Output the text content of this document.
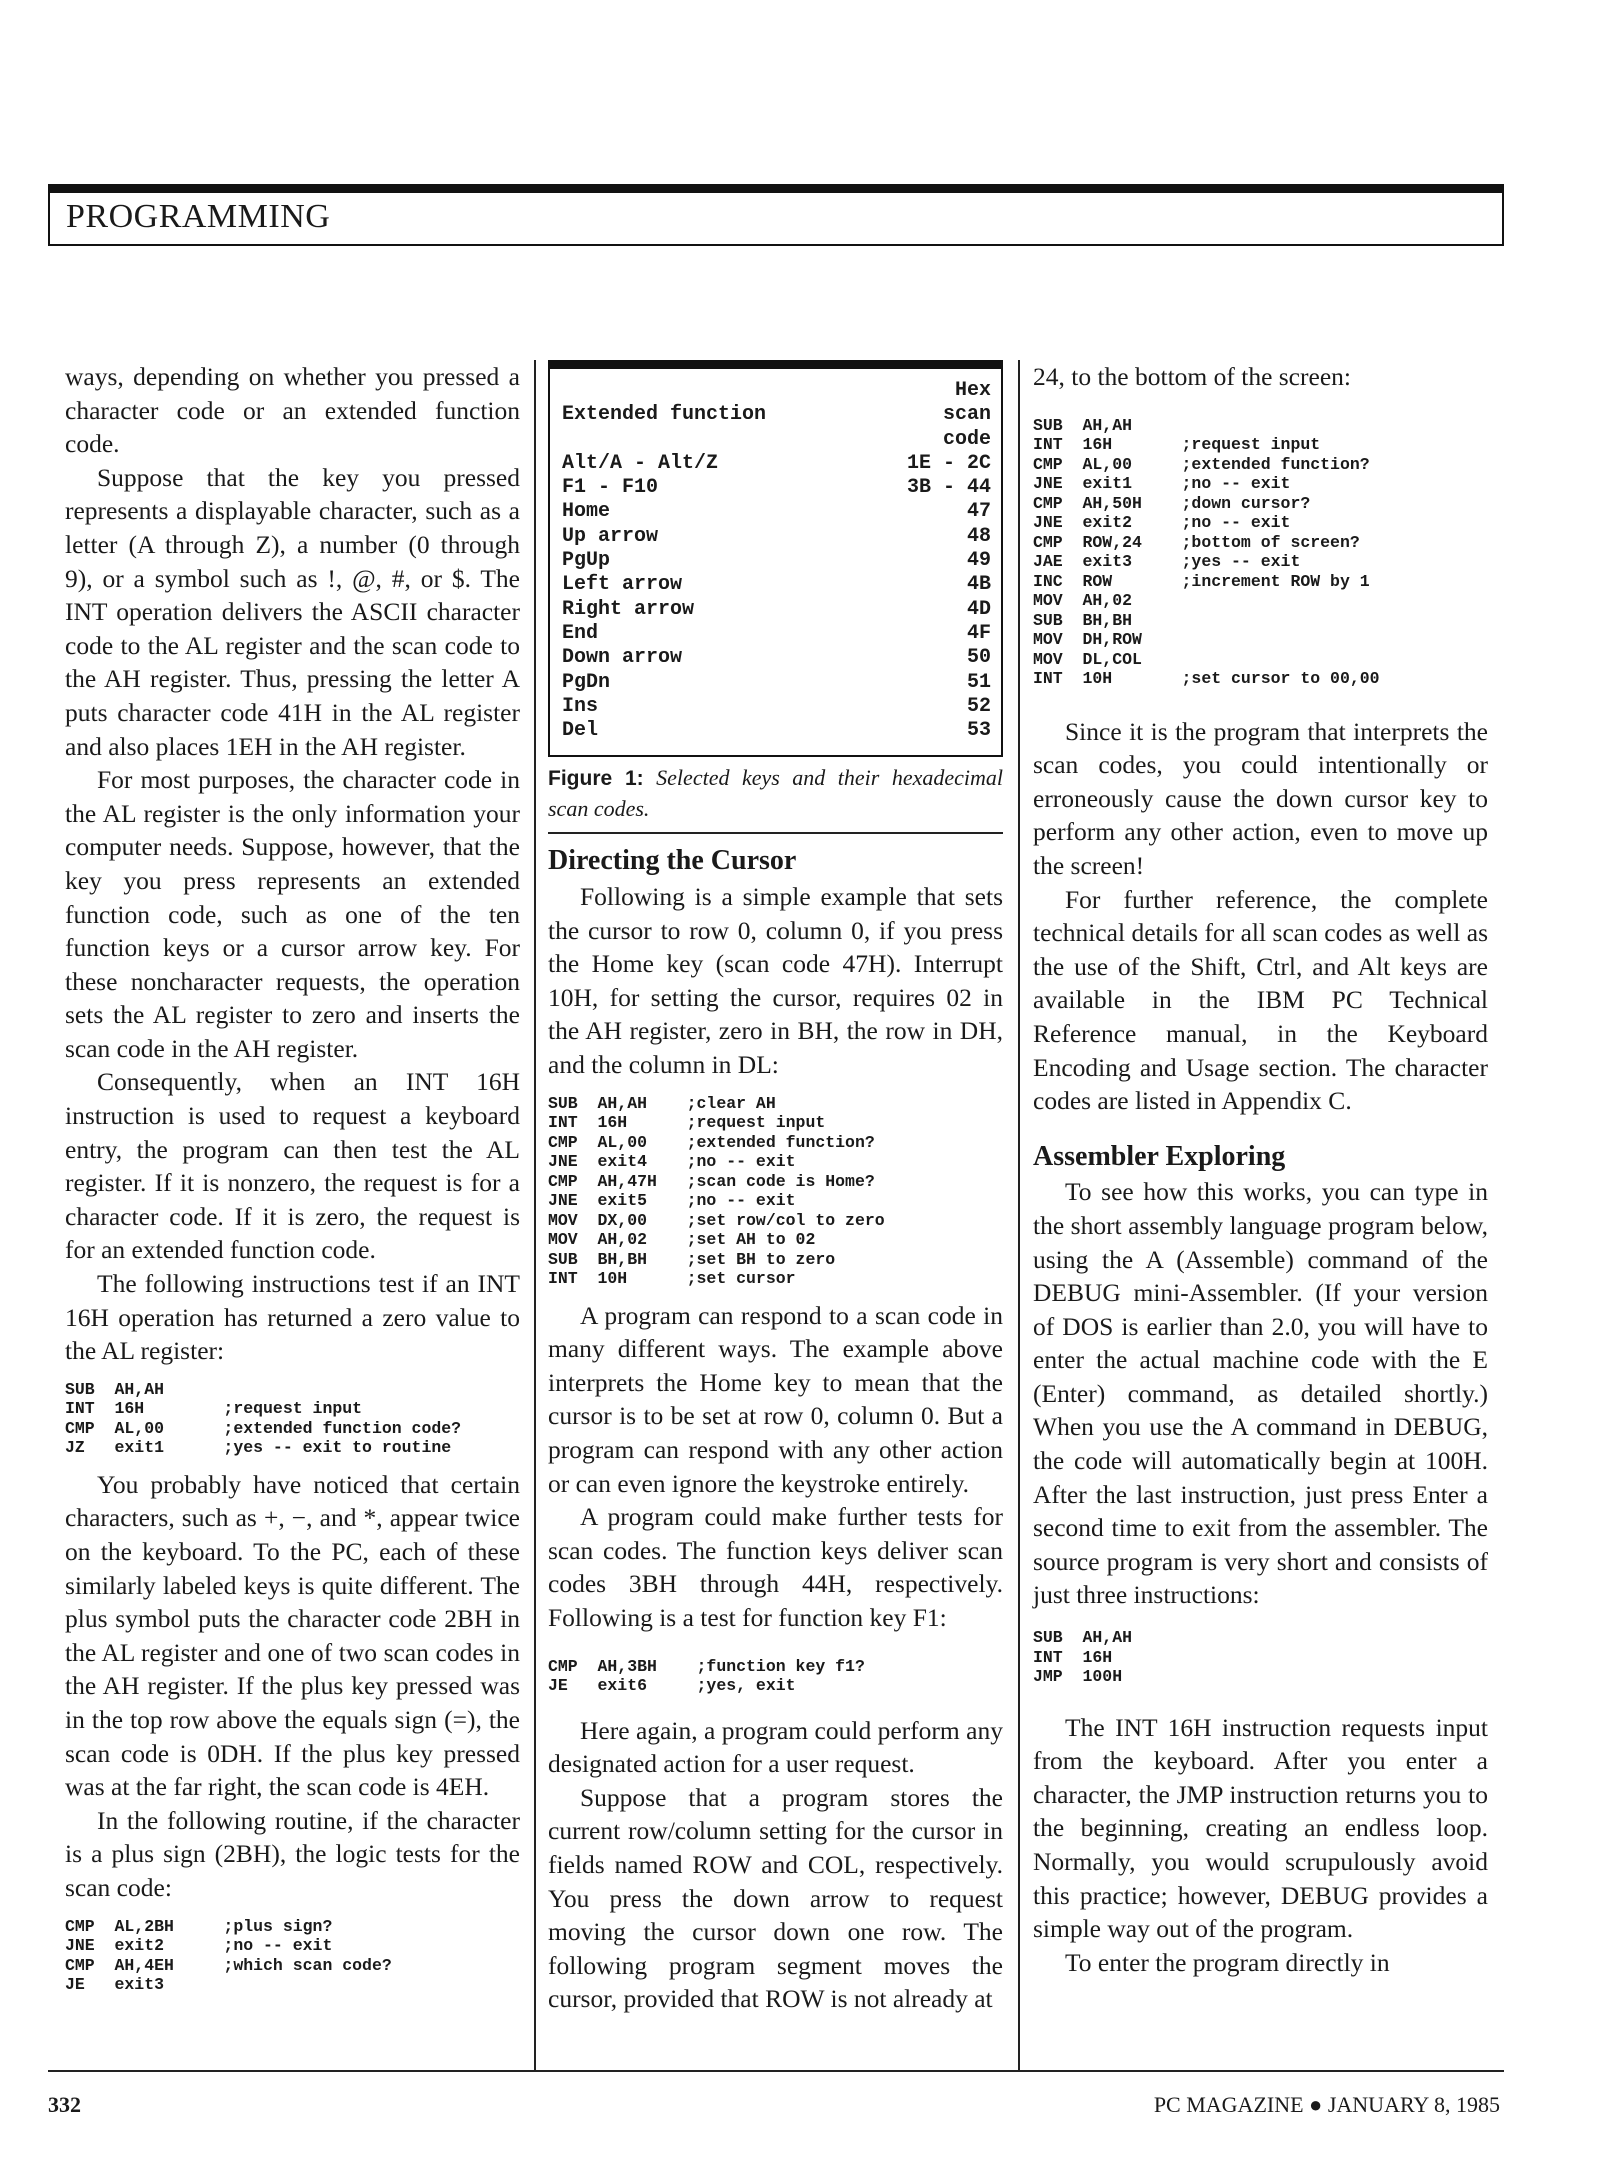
PROGRAMMING

ways, depending on whether you pressed a character code or an extended function code.

Suppose that the key you pressed represents a displayable character, such as a letter (A through Z), a number (0 through 9), or a symbol such as !, @, #, or $. The INT operation delivers the ASCII character code to the AL register and the scan code to the AH register. Thus, pressing the letter A puts character code 41H in the AL register and also places 1EH in the AH register.

For most purposes, the character code in the AL register is the only information your computer needs. Suppose, however, that the key you press represents an extended function code, such as one of the ten function keys or a cursor arrow key. For these noncharacter requests, the operation sets the AL register to zero and inserts the scan code in the AH register.

Consequently, when an INT 16H instruction is used to request a keyboard entry, the program can then test the AL register. If it is nonzero, the request is for a character code. If it is zero, the request is for an extended function code.

The following instructions test if an INT 16H operation has returned a zero value to the AL register:

SUB  AH,AH
INT  16H        ;request input
CMP  AL,00      ;extended function code?
JZ   exit1      ;yes -- exit to routine

You probably have noticed that certain characters, such as +, −, and *, appear twice on the keyboard. To the PC, each of these similarly labeled keys is quite different. The plus symbol puts the character code 2BH in the AL register and one of two scan codes in the AH register. If the plus key pressed was in the top row above the equals sign (=), the scan code is 0DH. If the plus key pressed was at the far right, the scan code is 4EH.

In the following routine, if the character is a plus sign (2BH), the logic tests for the scan code:

CMP  AL,2BH     ;plus sign?
JNE  exit2      ;no -- exit
CMP  AH,4EH     ;which scan code?
JE   exit3
Extended function	Hex scan code
Alt/A - Alt/Z	1E - 2C
F1 - F10	3B - 44
Home	47
Up arrow	48
PgUp	49
Left arrow	4B
Right arrow	4D
End	4F
Down arrow	50
PgDn	51
Ins	52
Del	53
Figure 1: Selected keys and their hexadecimal scan codes.
Directing the Cursor

Following is a simple example that sets the cursor to row 0, column 0, if you press the Home key (scan code 47H). Interrupt 10H, for setting the cursor, requires 02 in the AH register, zero in BH, the row in DH, and the column in DL:

SUB  AH,AH    ;clear AH
INT  16H      ;request input
CMP  AL,00    ;extended function?
JNE  exit4    ;no -- exit
CMP  AH,47H   ;scan code is Home?
JNE  exit5    ;no -- exit
MOV  DX,00    ;set row/col to zero
MOV  AH,02    ;set AH to 02
SUB  BH,BH    ;set BH to zero
INT  10H      ;set cursor

A program can respond to a scan code in many different ways. The example above interprets the Home key to mean that the cursor is to be set at row 0, column 0. But a program can respond with any other action or can even ignore the keystroke entirely.

A program could make further tests for scan codes. The function keys deliver scan codes 3BH through 44H, respectively. Following is a test for function key F1:

CMP  AH,3BH    ;function key f1?
JE   exit6     ;yes, exit

Here again, a program could perform any designated action for a user request.

Suppose that a program stores the current row/column setting for the cursor in fields named ROW and COL, respectively. You press the down arrow to request moving the cursor down one row. The following program segment moves the cursor, provided that ROW is not already at

24, to the bottom of the screen:

SUB  AH,AH
INT  16H       ;request input
CMP  AL,00     ;extended function?
JNE  exit1     ;no -- exit
CMP  AH,50H    ;down cursor?
JNE  exit2     ;no -- exit
CMP  ROW,24    ;bottom of screen?
JAE  exit3     ;yes -- exit
INC  ROW       ;increment ROW by 1
MOV  AH,02
SUB  BH,BH
MOV  DH,ROW
MOV  DL,COL
INT  10H       ;set cursor to 00,00

Since it is the program that interprets the scan codes, you could intentionally or erroneously cause the down cursor key to perform any other action, even to move up the screen!

For further reference, the complete technical details for all scan codes as well as the use of the Shift, Ctrl, and Alt keys are available in the IBM PC Technical Reference manual, in the Keyboard Encoding and Usage section. The character codes are listed in Appendix C.

Assembler Exploring

To see how this works, you can type in the short assembly language program below, using the A (Assemble) command of the DEBUG mini-Assembler. (If your version of DOS is earlier than 2.0, you will have to enter the actual machine code with the E (Enter) command, as detailed shortly.) When you use the A command in DEBUG, the code will automatically begin at 100H. After the last instruction, just press Enter a second time to exit from the assembler. The source program is very short and consists of just three instructions:

SUB  AH,AH
INT  16H
JMP  100H

The INT 16H instruction requests input from the keyboard. After you enter a character, the JMP instruction returns you to the beginning, creating an endless loop. Normally, you would scrupulously avoid this practice; however, DEBUG provides a simple way out of the program.

To enter the program directly in

332	PC MAGAZINE ● JANUARY 8, 1985
